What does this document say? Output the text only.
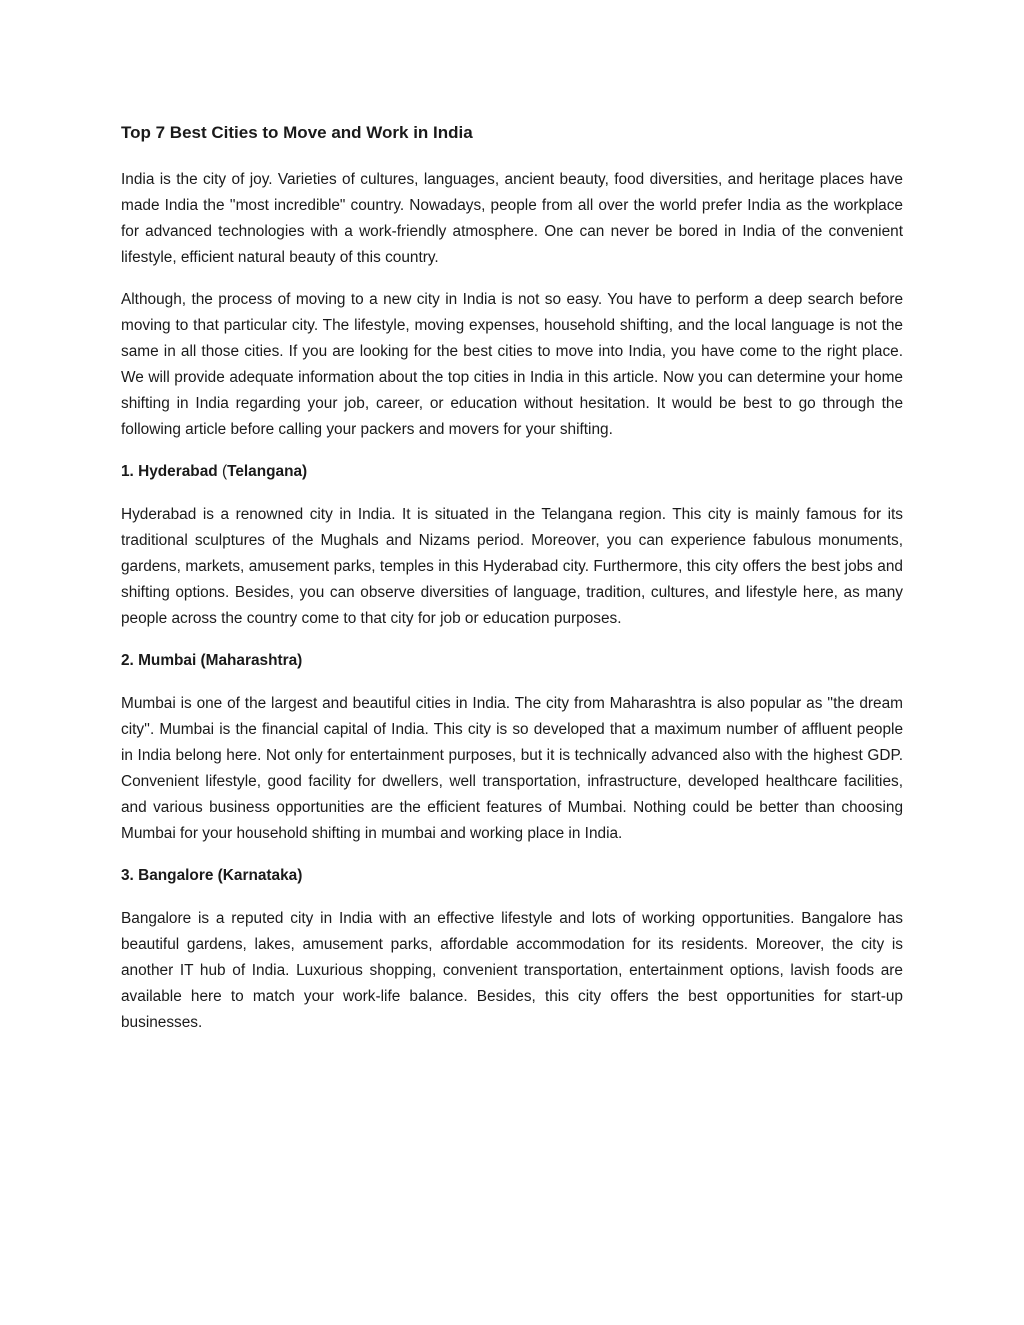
Top 7 Best Cities to Move and Work in India

India is the city of joy. Varieties of cultures, languages, ancient beauty, food diversities, and heritage places have made India the ''most incredible" country. Nowadays, people from all over the world prefer India as the workplace for advanced technologies with a work-friendly atmosphere. One can never be bored in India of the convenient lifestyle, efficient natural beauty of this country.

Although, the process of moving to a new city in India is not so easy. You have to perform a deep search before moving to that particular city. The lifestyle, moving expenses, household shifting, and the local language is not the same in all those cities. If you are looking for the best cities to move into India, you have come to the right place. We will provide adequate information about the top cities in India in this article. Now you can determine your home shifting in India regarding your job, career, or education without hesitation. It would be best to go through the following article before calling your packers and movers for your shifting.

1. Hyderabad (Telangana)

Hyderabad is a renowned city in India. It is situated in the Telangana region. This city is mainly famous for its traditional sculptures of the Mughals and Nizams period. Moreover, you can experience fabulous monuments, gardens, markets, amusement parks, temples in this Hyderabad city. Furthermore, this city offers the best jobs and shifting options. Besides, you can observe diversities of language, tradition, cultures, and lifestyle here, as many people across the country come to that city for job or education purposes.

2. Mumbai (Maharashtra)

Mumbai is one of the largest and beautiful cities in India. The city from Maharashtra is also popular as ''the dream city''. Mumbai is the financial capital of India. This city is so developed that a maximum number of affluent people in India belong here. Not only for entertainment purposes, but it is technically advanced also with the highest GDP. Convenient lifestyle, good facility for dwellers, well transportation, infrastructure, developed healthcare facilities, and various business opportunities are the efficient features of Mumbai. Nothing could be better than choosing Mumbai for your household shifting in mumbai and working place in India.

3. Bangalore (Karnataka)

Bangalore is a reputed city in India with an effective lifestyle and lots of working opportunities. Bangalore has beautiful gardens, lakes, amusement parks, affordable accommodation for its residents. Moreover, the city is another IT hub of India. Luxurious shopping, convenient transportation, entertainment options, lavish foods are available here to match your work-life balance. Besides, this city offers the best opportunities for start-up businesses.
